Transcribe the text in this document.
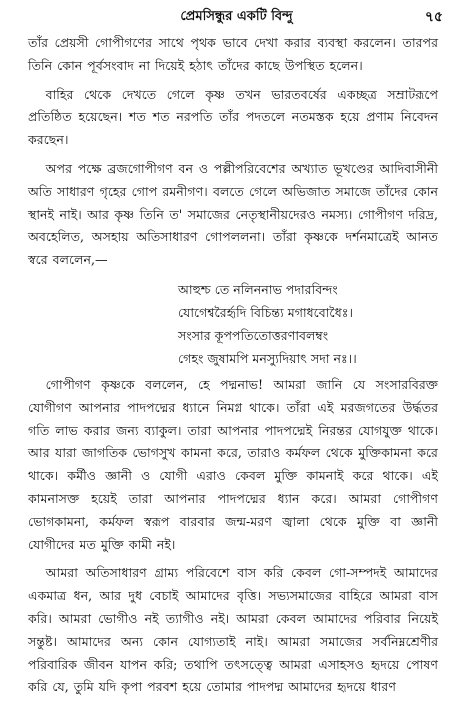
প্রেমসিন্ধুর একটি বিন্দু	৭৫

তাঁর প্রেয়সী গোপীগণের সাথে পৃথক ভাবে দেখা করার ব্যবস্থা করলেন। তারপর তিনি কোন পূর্বসংবাদ না দিয়েই হঠাৎ তাঁদের কাছে উপস্থিত হলেন।

বাহির থেকে দেখতে গেলে কৃষ্ণ তখন ভারতবর্ষের একচ্ছত্র সম্রাটরূপে প্রতিষ্ঠিত হয়েছেন। শত শত নরপতি তাঁর পদতলে নতমস্তক হয়ে প্রণাম নিবেদন করছেন।

অপর পক্ষে ব্রজগোপীগণ বন ও পল্লীপরিবেশের অখ্যাত ভূখণ্ডের আদিবাসীনী অতি সাধারণ গৃহের গোপ রমনীগণ। বলতে গেলে অভিজাত সমাজে তাঁদের কোন স্থানই নাই। আর কৃষ্ণ তিনি ত' সমাজের নেতৃস্থানীয়দেরও নমস্য। গোপীগণ দরিদ্র, অবহেলিত, অসহায় অতিসাধারণ গোপললনা। তাঁরা কৃষ্ণকে দর্শনমাত্রেই আনত স্বরে বললেন,—

আহুশ্চ তে নলিননাভ পদারবিন্দং
যোগেশ্বরৈর্হৃদি বিচিন্ত্য মগাধবোধৈঃ।
সংসার কূপপতিতোত্তরণাবলম্বং
গেহং জুষামপি মনস্যুদিয়াৎ সদা নঃ।।

গোপীগণ কৃষ্ণকে বললেন, হে পদ্মনাভ! আমরা জানি যে সংসারবিরক্ত যোগীগণ আপনার পাদপদ্মের ধ্যানে নিমগ্ন থাকে। তাঁরা এই মরজগতের উর্দ্ধতর গতি লাভ করার জন্য ব্যাকুল। তারা আপনার পাদপদ্মেই নিরন্তর যোগযুক্ত থাকে। আর যারা জাগতিক ভোগসুখ কামনা করে, তারাও কর্মফল থেকে মুক্তিকামনা করে থাকে। কর্মীও জ্ঞানী ও যোগী এরাও কেবল মুক্তি কামনাই করে থাকে। এই কামনাসক্ত হয়েই তারা আপনার পাদপদ্মের ধ্যান করে। আমরা গোপীগণ ভোগকামনা, কর্মফল স্বরূপ বারবার জন্ম-মরণ জ্বালা থেকে মুক্তি বা জ্ঞানী যোগীদের মত মুক্তি কামী নই।

আমরা অতিসাধারণ গ্রাম্য পরিবেশে বাস করি কেবল গো-সম্পদই আমাদের একমাত্র ধন, আর দুধ বেচাই আমাদের বৃত্তি। সভ্যসমাজের বাহিরে আমরা বাস করি। আমরা ভোগীও নই ত্যাগীও নই। আমরা কেবল আমাদের পরিবার নিয়েই সন্তুষ্ট। আমাদের অন্য কোন যোগ্যতাই নাই। আমরা সমাজের সর্বনিম্নশ্রেণীর পরিবারিক জীবন যাপন করি; তথাপি তৎসত্ত্বে আমরা এসাহসও হৃদয়ে পোষণ করি যে, তুমি যদি কৃপা পরবশ হয়ে তোমার পাদপদ্ম আমাদের হৃদয়ে ধারণ
